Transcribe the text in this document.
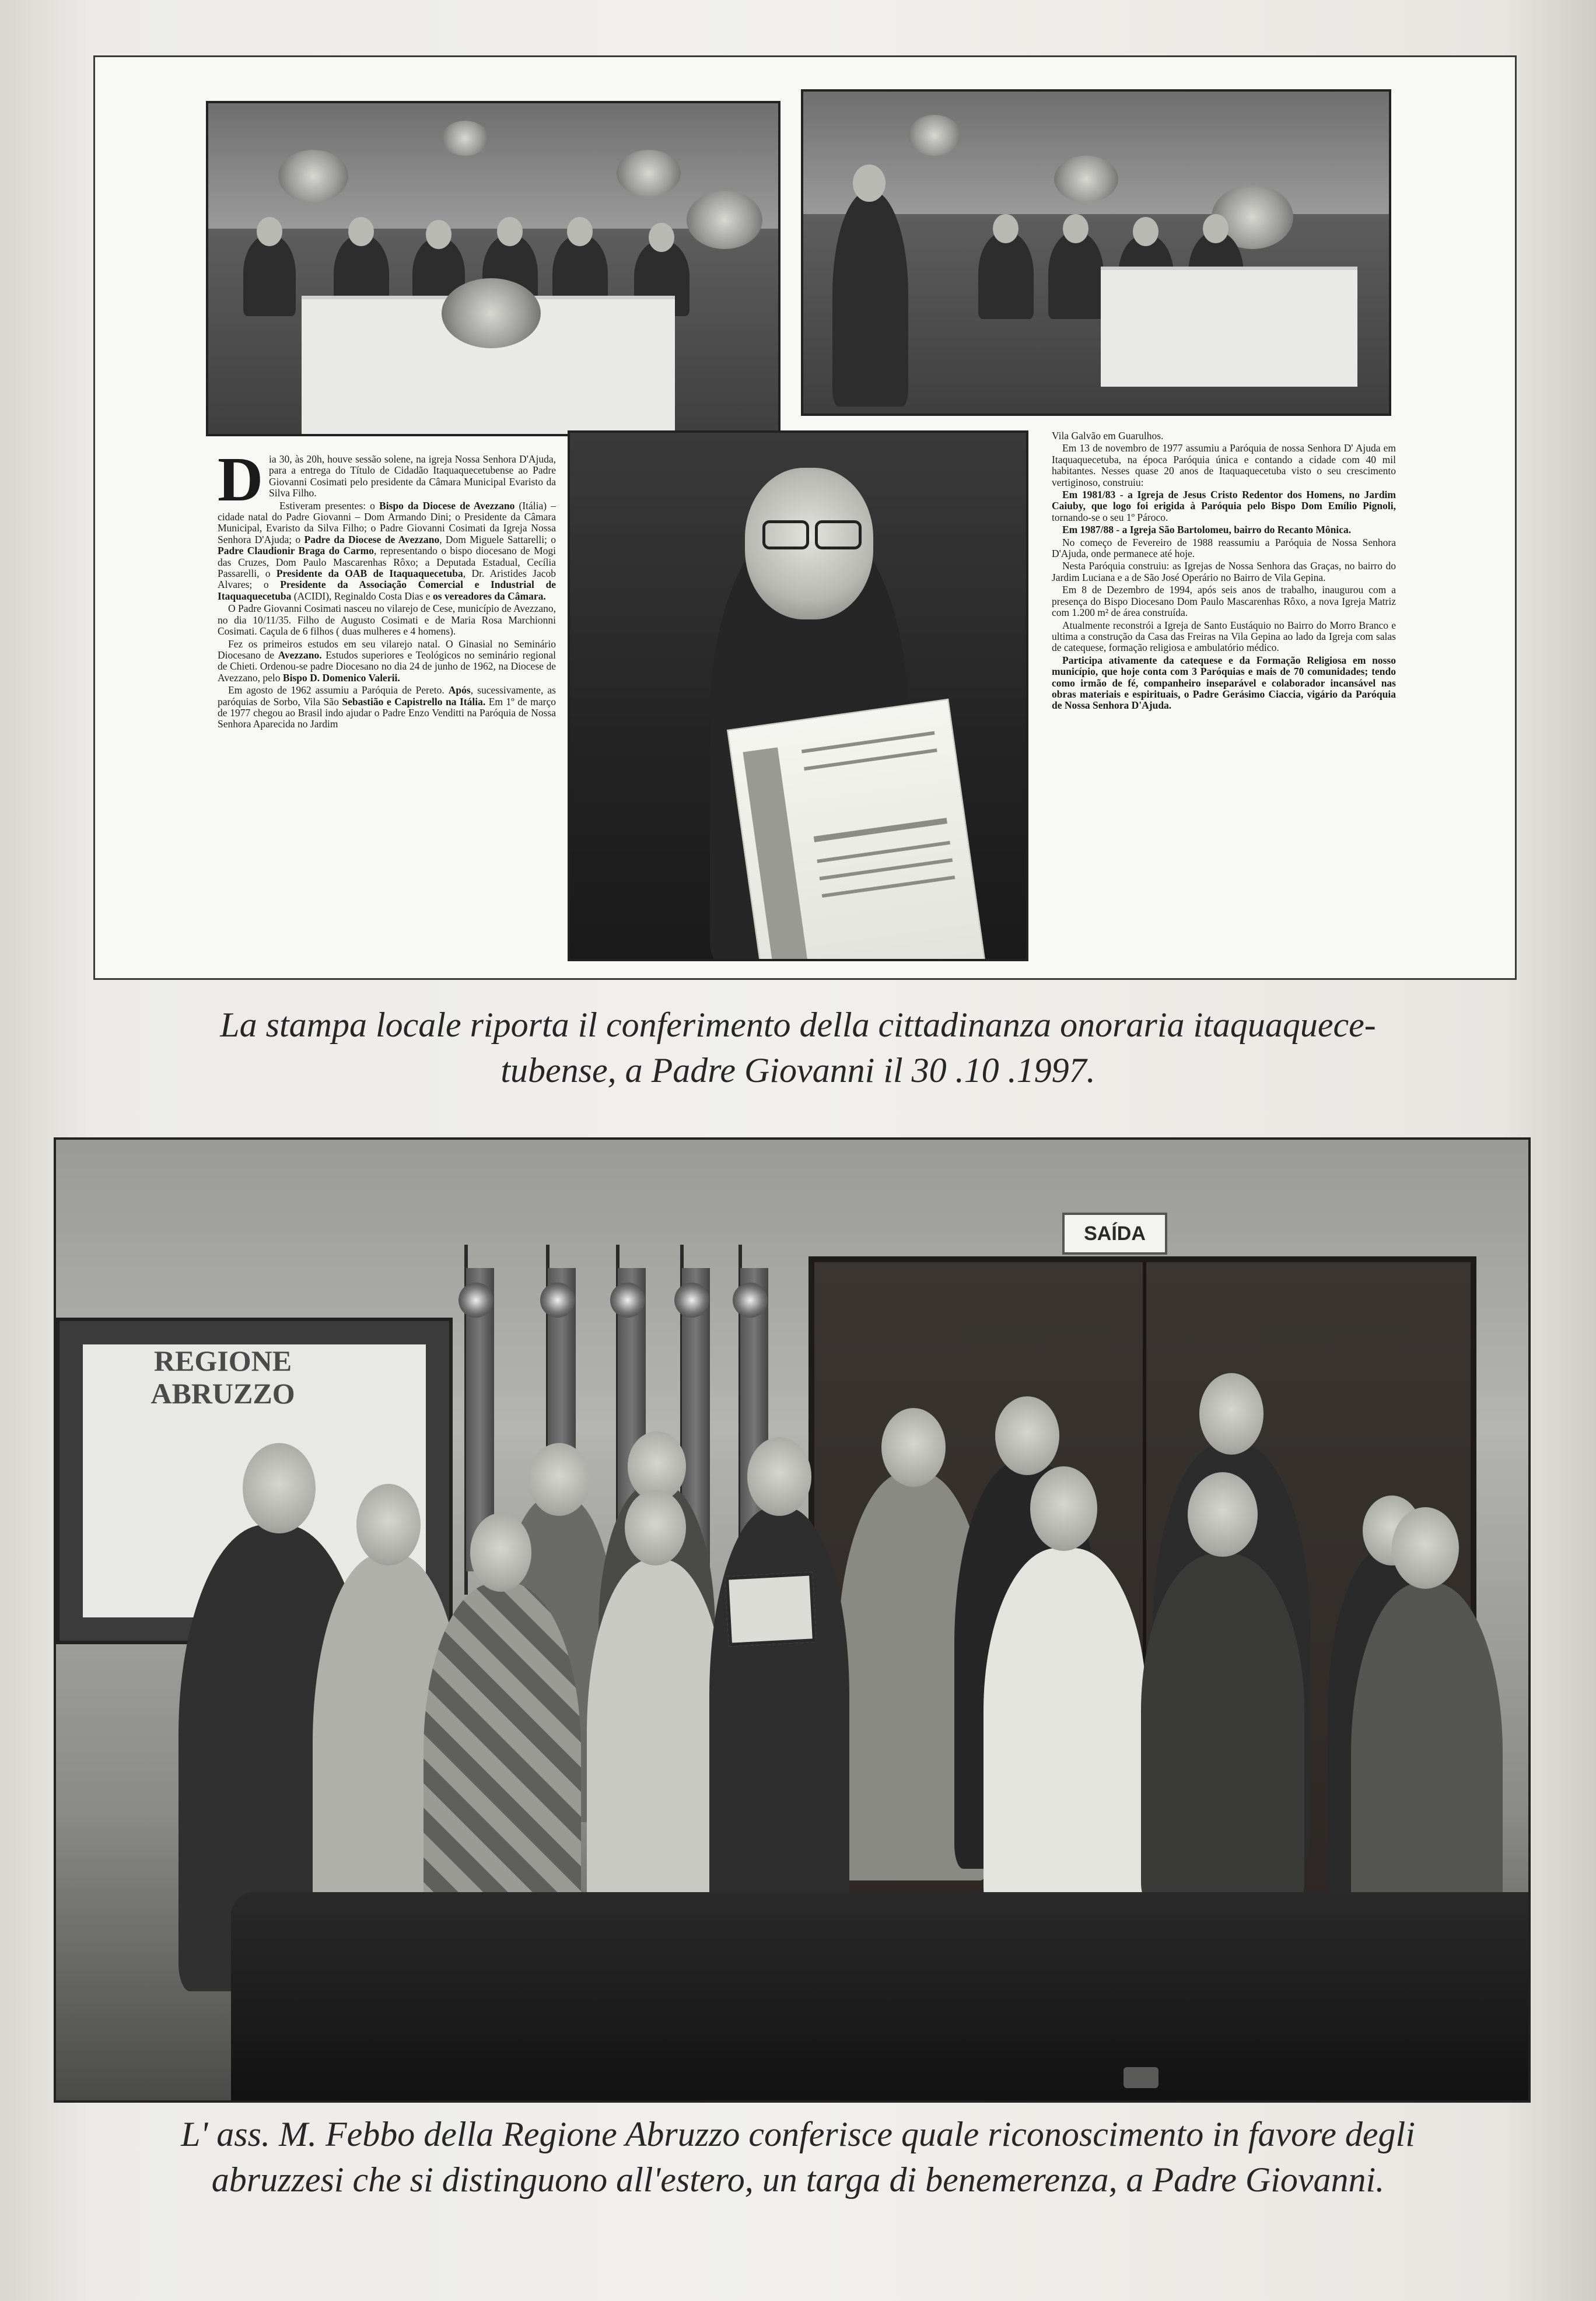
Dia 30, às 20h, houve sessão solene, na igreja Nossa Senhora D'Ajuda, para a entrega do Título de Cidadão Itaquaquecetubense ao Padre Giovanni Cosimati pelo presidente da Câmara Municipal Evaristo da Silva Filho.

Estiveram presentes: o Bispo da Diocese de Avezzano (Itália) – cidade natal do Padre Giovanni – Dom Armando Dini; o Presidente da Câmara Municipal, Evaristo da Silva Filho; o Padre Giovanni Cosimati da Igreja Nossa Senhora D'Ajuda; o Padre da Diocese de Avezzano, Dom Miguele Sattarelli; o Padre Claudionir Braga do Carmo, representando o bispo diocesano de Mogi das Cruzes, Dom Paulo Mascarenhas Rôxo; a Deputada Estadual, Cecília Passarelli, o Presidente da OAB de Itaquaquecetuba, Dr. Aristides Jacob Alvares; o Presidente da Associação Comercial e Industrial de Itaquaquecetuba (ACIDI), Reginaldo Costa Dias e os vereadores da Câmara.

O Padre Giovanni Cosimati nasceu no vilarejo de Cese, município de Avezzano, no dia 10/11/35. Filho de Augusto Cosimati e de Maria Rosa Marchionni Cosimati. Caçula de 6 filhos ( duas mulheres e 4 homens).

Fez os primeiros estudos em seu vilarejo natal. O Ginasial no Seminário Diocesano de Avezzano. Estudos superiores e Teológicos no seminário regional de Chieti. Ordenou-se padre Diocesano no dia 24 de junho de 1962, na Diocese de Avezzano, pelo Bispo D. Domenico Valerii.

Em agosto de 1962 assumiu a Paróquia de Pereto. Após, sucessivamente, as paróquias de Sorbo, Vila São Sebastião e Capistrello na Itália. Em 1º de março de 1977 chegou ao Brasil indo ajudar o Padre Enzo Venditti na Paróquia de Nossa Senhora Aparecida no Jardim

Vila Galvão em Guarulhos.

Em 13 de novembro de 1977 assumiu a Paróquia de nossa Senhora D' Ajuda em Itaquaquecetuba, na época Paróquia única e contando a cidade com 40 mil habitantes. Nesses quase 20 anos de Itaquaquecetuba visto o seu crescimento vertiginoso, construiu:

Em 1981/83 - a Igreja de Jesus Cristo Redentor dos Homens, no Jardim Caiuby, que logo foi erigida à Paróquia pelo Bispo Dom Emílio Pignoli, tornando-se o seu 1º Pároco.

Em 1987/88 - a Igreja São Bartolomeu, bairro do Recanto Mônica.

No começo de Fevereiro de 1988 reassumiu a Paróquia de Nossa Senhora D'Ajuda, onde permanece até hoje.

Nesta Paróquia construiu: as Igrejas de Nossa Senhora das Graças, no bairro do Jardim Luciana e a de São José Operário no Bairro de Vila Gepina.

Em 8 de Dezembro de 1994, após seis anos de trabalho, inaugurou com a presença do Bispo Diocesano Dom Paulo Mascarenhas Rôxo, a nova Igreja Matriz com 1.200 m² de área construída.

Atualmente reconstrói a Igreja de Santo Eustáquio no Bairro do Morro Branco e ultima a construção da Casa das Freiras na Vila Gepina ao lado da Igreja com salas de catequese, formação religiosa e ambulatório médico.

Participa ativamente da catequese e da Formação Religiosa em nosso município, que hoje conta com 3 Paróquias e mais de 70 comunidades; tendo como irmão de fé, companheiro inseparável e colaborador incansável nas obras materiais e espirituais, o Padre Gerásimo Ciaccia, vigário da Paróquia de Nossa Senhora D'Ajuda.

La stampa locale riporta il conferimento della cittadinanza onoraria itaquaquece-
tubense, a Padre Giovanni il 30 .10 .1997.
SAÍDA
REGIONE
ABRUZZO
L' ass. M. Febbo della Regione Abruzzo conferisce quale riconoscimento in favore degli
abruzzesi che si distinguono all'estero, un targa di benemerenza, a Padre Giovanni.
